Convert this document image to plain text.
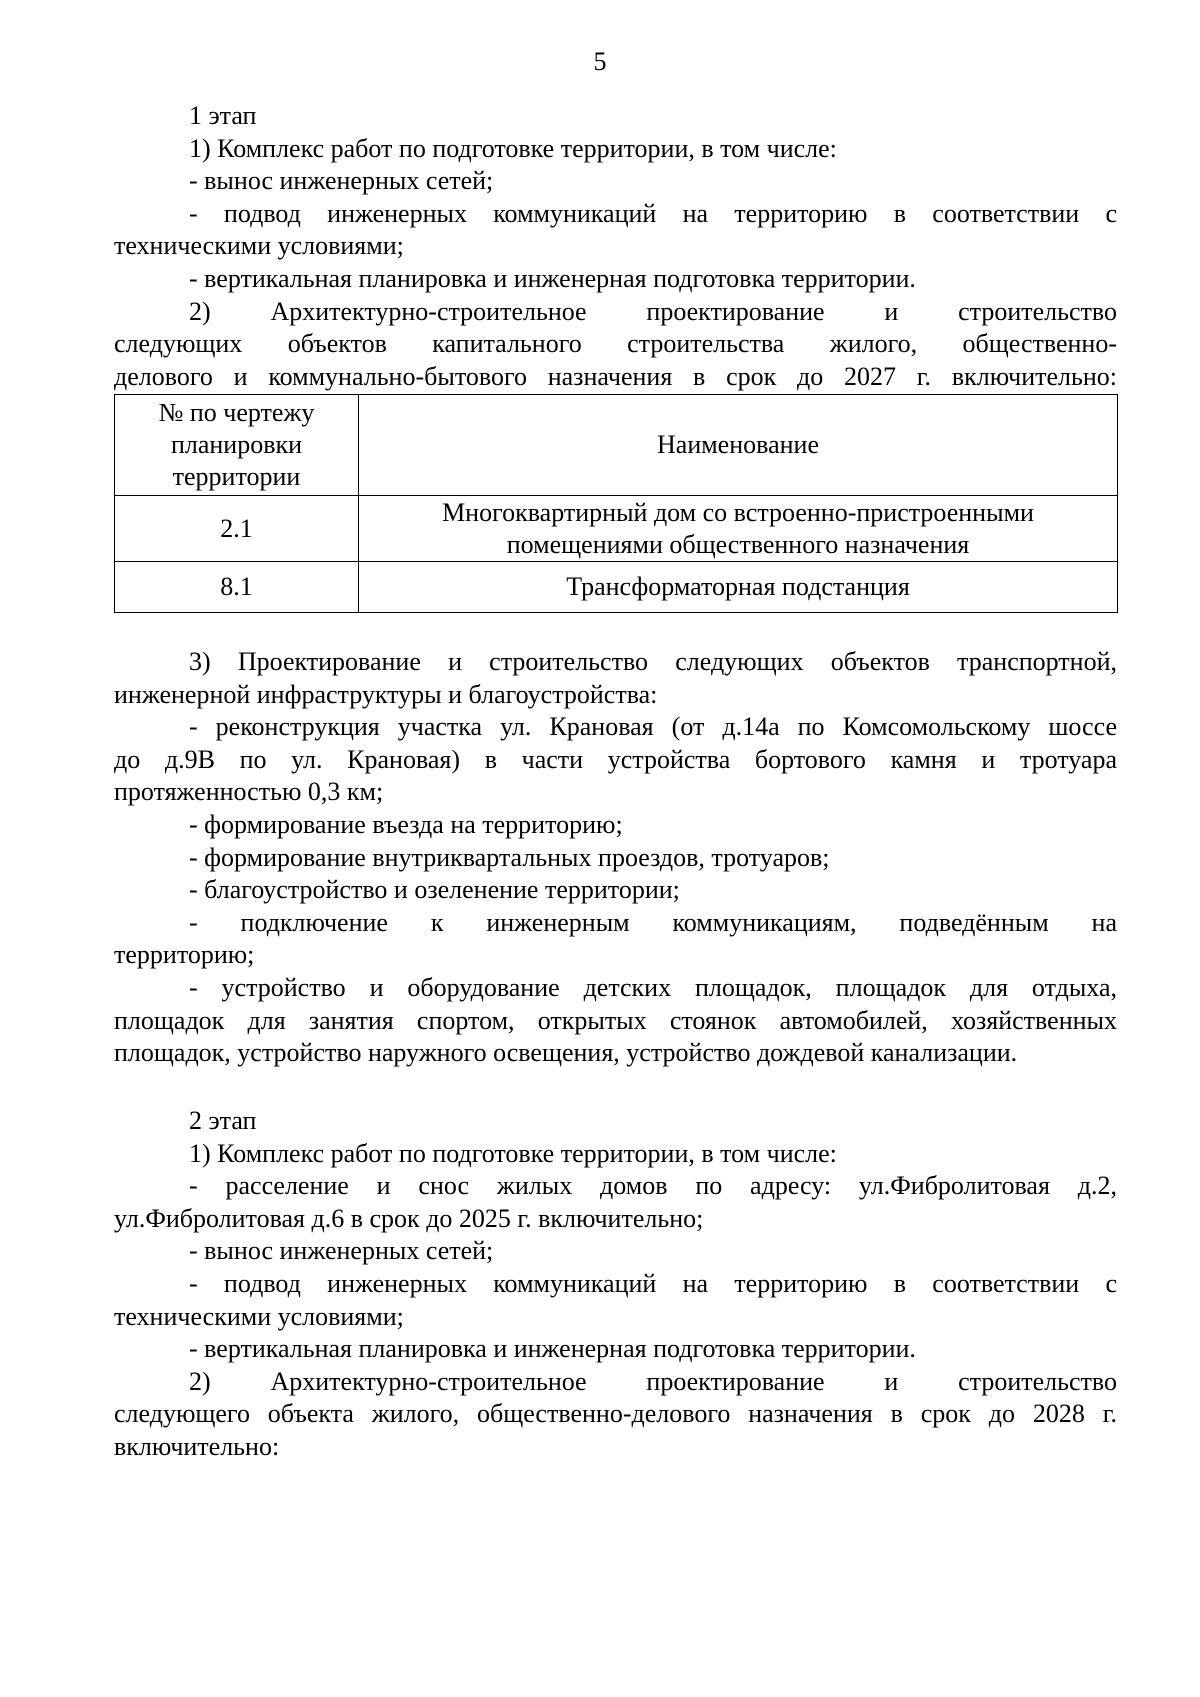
5

1 этап

1) Комплекс работ по подготовке территории, в том числе:

- вынос инженерных сетей;

- подвод инженерных коммуникаций на территорию в соответствии с

техническими условиями;

- вертикальная планировка и инженерная подготовка территории.

2) Архитектурно-строительное проектирование и строительство

следующих объектов капитального строительства жилого, общественно-

делового и коммунально-бытового назначения в срок до 2027 г. включительно:

№ по чертежу планировки территории	Наименование
2.1	Многоквартирный дом со встроенно-пристроенными помещениями общественного назначения
8.1	Трансформаторная подстанция

3) Проектирование и строительство следующих объектов транспортной,

инженерной инфраструктуры и благоустройства:

- реконструкция участка ул. Крановая (от д.14а по Комсомольскому шоссе

до д.9В по ул. Крановая) в части устройства бортового камня и тротуара

протяженностью 0,3 км;

- формирование въезда на территорию;

- формирование внутриквартальных проездов, тротуаров;

- благоустройство и озеленение территории;

- подключение к инженерным коммуникациям, подведённым на

территорию;

- устройство и оборудование детских площадок, площадок для отдыха,

площадок для занятия спортом, открытых стоянок автомобилей, хозяйственных

площадок, устройство наружного освещения, устройство дождевой канализации.

2 этап

1) Комплекс работ по подготовке территории, в том числе:

- расселение и снос жилых домов по адресу: ул.Фибролитовая д.2,

ул.Фибролитовая д.6 в срок до 2025 г. включительно;

- вынос инженерных сетей;

- подвод инженерных коммуникаций на территорию в соответствии с

техническими условиями;

- вертикальная планировка и инженерная подготовка территории.

2) Архитектурно-строительное проектирование и строительство

следующего объекта жилого, общественно-делового назначения в срок до 2028 г.

включительно:
